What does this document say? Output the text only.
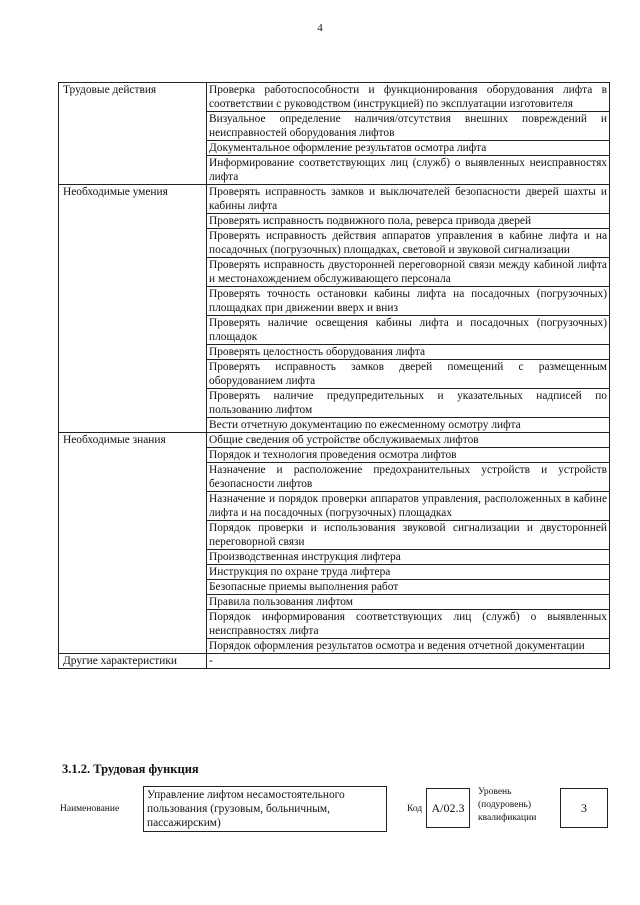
4
Трудовые действия	Проверка работоспособности и функционирования оборудования лифта в соответствии с руководством (инструкцией) по эксплуатации изготовителя
	Визуальное определение наличия/отсутствия внешних повреждений и неисправностей оборудования лифтов
	Документальное оформление результатов осмотра лифта
	Информирование соответствующих лиц (служб) о выявленных неисправностях лифта
Необходимые умения	Проверять исправность замков и выключателей безопасности дверей шахты и кабины лифта
	Проверять исправность подвижного пола, реверса привода дверей
	Проверять исправность действия аппаратов управления в кабине лифта и на посадочных (погрузочных) площадках, световой и звуковой сигнализации
	Проверять исправность двусторонней переговорной связи между кабиной лифта и местонахождением обслуживающего персонала
	Проверять точность остановки кабины лифта на посадочных (погрузочных) площадках при движении вверх и вниз
	Проверять наличие освещения кабины лифта и посадочных (погрузочных) площадок
	Проверять целостность оборудования лифта
	Проверять исправность замков дверей помещений с размещенным оборудованием лифта
	Проверять наличие предупредительных и указательных надписей по пользованию лифтом
	Вести отчетную документацию по ежесменному осмотру лифта
Необходимые знания	Общие сведения об устройстве обслуживаемых лифтов
	Порядок и технология проведения осмотра лифтов
	Назначение и расположение предохранительных устройств и устройств безопасности лифтов
	Назначение и порядок проверки аппаратов управления, расположенных в кабине лифта и на посадочных (погрузочных) площадках
	Порядок проверки и использования звуковой сигнализации и двусторонней переговорной связи
	Производственная инструкция лифтера
	Инструкция по охране труда лифтера
	Безопасные приемы выполнения работ
	Правила пользования лифтом
	Порядок информирования соответствующих лиц (служб) о выявленных неисправностях лифта
	Порядок оформления результатов осмотра и ведения отчетной документации
Другие характеристики	-
3.1.2. Трудовая функция
Наименование
Управление лифтом несамостоятельного пользования (грузовым, больничным, пассажирским)
Код A/02.3
Уровень (подуровень) квалификации
3
